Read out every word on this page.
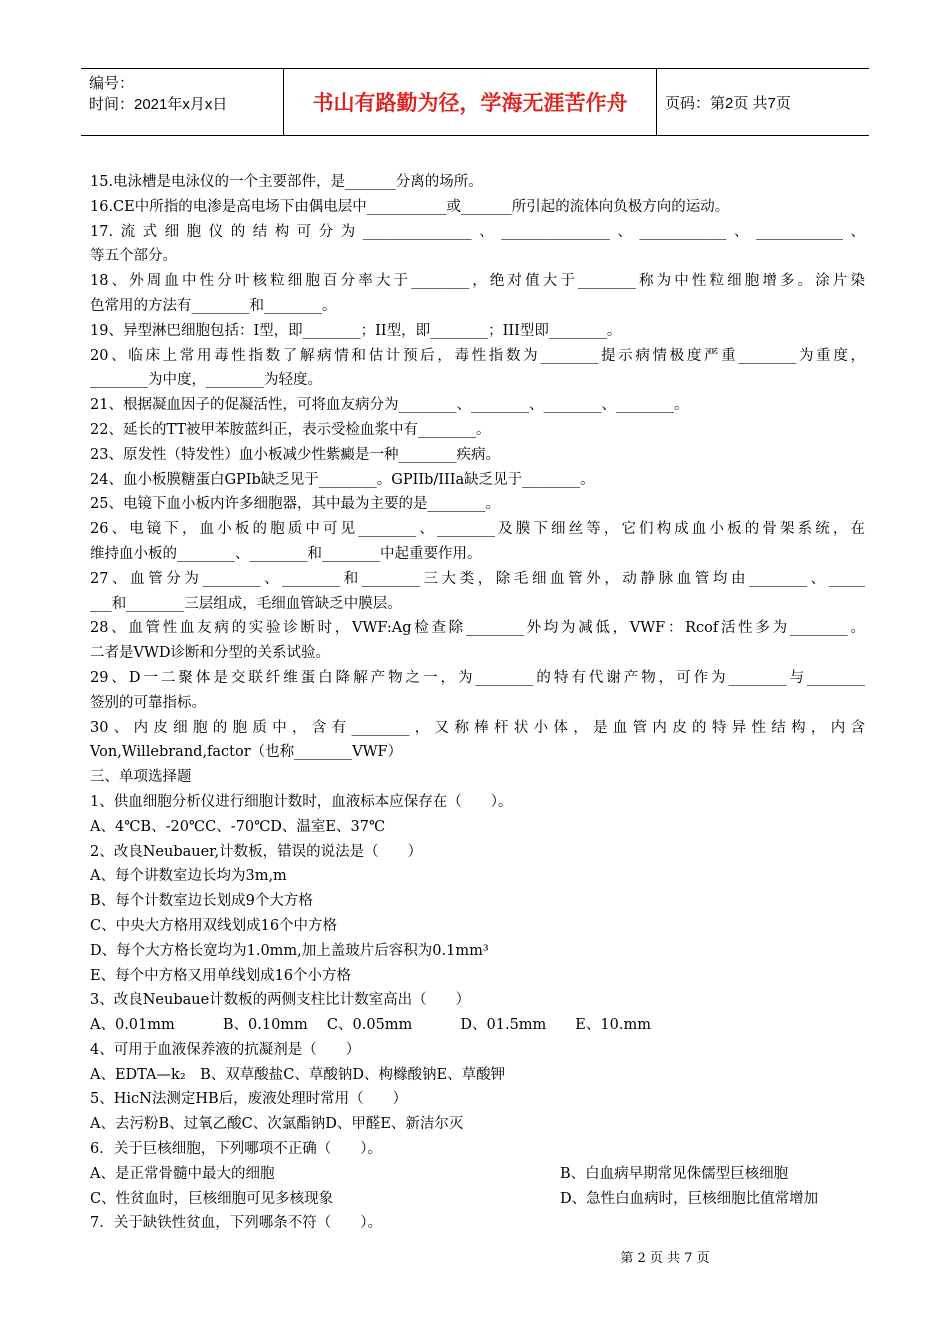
编号：
时间：2021年x月x日	书山有路勤为径，学海无涯苦作舟	页码：第2页 共7页
15.电泳槽是电泳仪的一个主要部件，是_______分离的场所。
16.CE中所指的电渗是高电场下由偶电层中___________或_______所引起的流体向负极方向的运动。
17.流式细胞仪的结构可分为_______________、_______________、____________、____________、
等五个部分。
18、外周血中性分叶核粒细胞百分率大于________，绝对值大于________称为中性粒细胞增多。涂片染
色常用的方法有________和________。
19、异型淋巴细胞包括：I型，即________；II型，即________；III型即________。
20、临床上常用毒性指数了解病情和估计预后，毒性指数为________提示病情极度严重________为重度，
________为中度，________为轻度。
21、根据凝血因子的促凝活性，可将血友病分为________、________、________、________。
22、延长的TT被甲苯胺蓝纠正，表示受检血浆中有________。
23、原发性（特发性）血小板减少性紫癜是一种________疾病。
24、血小板膜糖蛋白GPIb缺乏见于________。GPIIb/IIIa缺乏见于________。
25、电镜下血小板内许多细胞器，其中最为主要的是________。
26、电镜下，血小板的胞质中可见________、________及膜下细丝等，它们构成血小板的骨架系统，在
维持血小板的________、________和________中起重要作用。
27、血管分为________、________和________三大类，除毛细血管外，动静脉血管均由________、_____
___和________三层组成，毛细血管缺乏中膜层。
28、血管性血友病的实验诊断时，VWF:Ag检查除________外均为减低，VWF：Rcof活性多为________。
二者是VWD诊断和分型的关系试验。
29、D一二聚体是交联纤维蛋白降解产物之一，为________的特有代谢产物，可作为________与________
签别的可靠指标。
30、内皮细胞的胞质中，含有________，又称棒杆状小体，是血管内皮的特异性结构，内含
Von,Willebrand,factor（也称________VWF）
三、单项选择题
1、供血细胞分析仪进行细胞计数时，血液标本应保存在（　　）。
A、4℃B、-20℃C、-70℃D、温室E、37℃
2、改良Neubauer,计数板，错误的说法是（　　）
A、每个讲数室边长均为3m,m
B、每个计数室边长划成9个大方格
C、中央大方格用双线划成16个中方格
D、每个大方格长宽均为1.0mm,加上盖玻片后容积为0.1mm³
E、每个中方格又用单线划成16个小方格
3、改良Neubaue计数板的两侧支柱比计数室高出（　　）
A、0.01mm　　　 B、0.10mm　 C、0.05mm　　　 D、01.5mm　　E、10.mm
4、可用于血液保养液的抗凝剂是（　　）
A、EDTA—k₂　B、双草酸盐C、草酸钠D、枸橼酸钠E、草酸钾
5、HicN法测定HB后，废液处理时常用（　　）
A、去污粉B、过氧乙酸C、次氯酯钠D、甲醛E、新洁尔灭
6．关于巨核细胞，下列哪项不正确（　　）。
A、是正常骨髓中最大的细胞	B、白血病早期常见侏儒型巨核细胞
C、性贫血时，巨核细胞可见多核现象	D、急性白血病时，巨核细胞比值常增加
7．关于缺铁性贫血，下列哪条不符（　　）。
第 2 页 共 7 页
